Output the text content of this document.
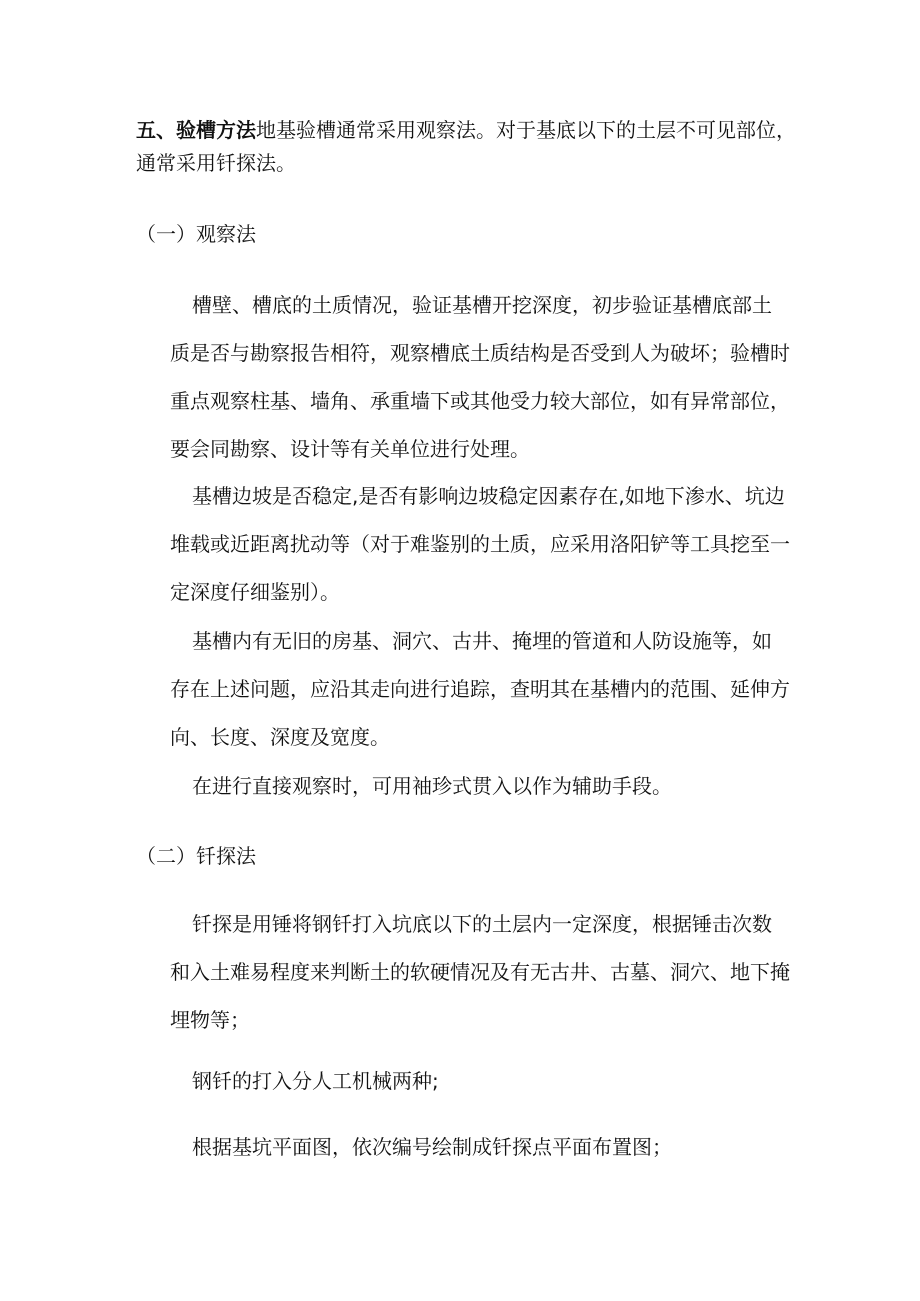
五、验槽方法地基验槽通常采用观察法。对于基底以下的土层不可见部位，
通常采用钎探法。

（一）观察法

槽壁、槽底的土质情况，验证基槽开挖深度，初步验证基槽底部土
质是否与勘察报告相符，观察槽底土质结构是否受到人为破坏；验槽时
重点观察柱基、墙角、承重墙下或其他受力较大部位，如有异常部位，
要会同勘察、设计等有关单位进行处理。

基槽边坡是否稳定,是否有影响边坡稳定因素存在,如地下渗水、坑边
堆载或近距离扰动等（对于难鉴别的土质，应采用洛阳铲等工具挖至一
定深度仔细鉴别）。

基槽内有无旧的房基、洞穴、古井、掩埋的管道和人防设施等，如
存在上述问题，应沿其走向进行追踪，查明其在基槽内的范围、延伸方
向、长度、深度及宽度。

在进行直接观察时，可用袖珍式贯入以作为辅助手段。

（二）钎探法

钎探是用锤将钢钎打入坑底以下的土层内一定深度，根据锤击次数
和入土难易程度来判断土的软硬情况及有无古井、古墓、洞穴、地下掩
埋物等；

钢钎的打入分人工机械两种;

根据基坑平面图，依次编号绘制成钎探点平面布置图；
